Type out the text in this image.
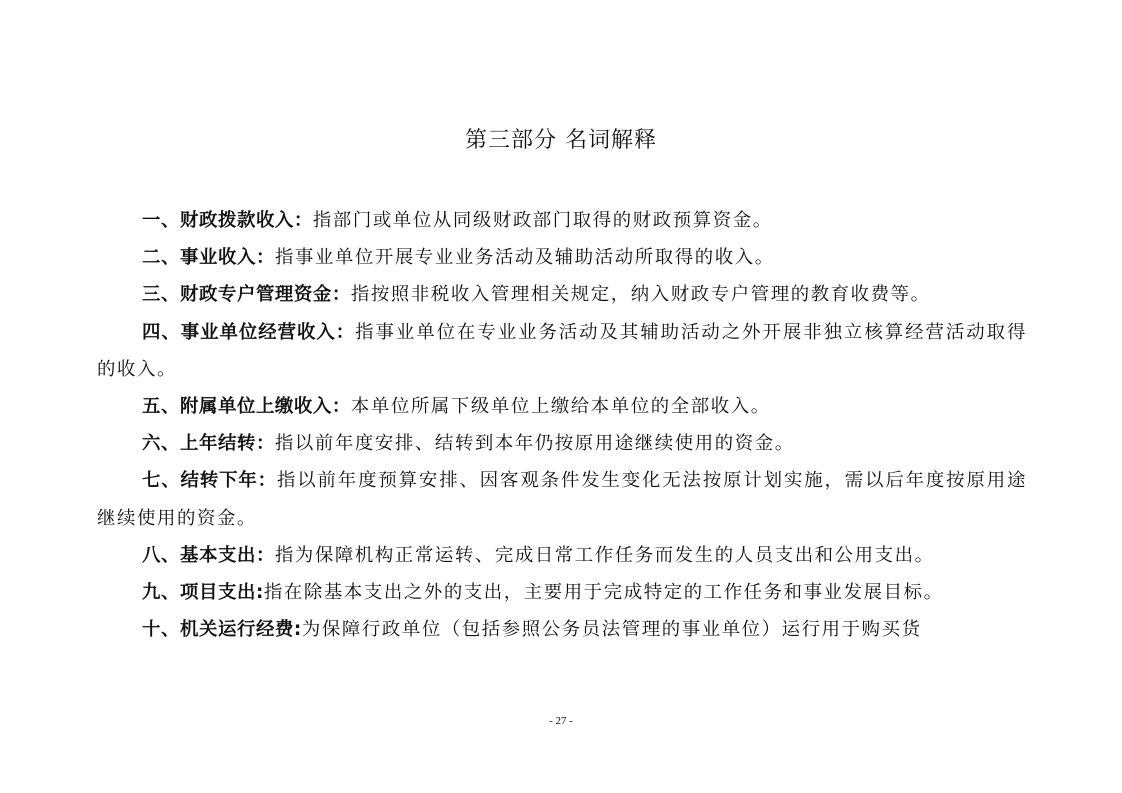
第三部分 名词解释

一、财政拨款收入：指部门或单位从同级财政部门取得的财政预算资金。

二、事业收入：指事业单位开展专业业务活动及辅助活动所取得的收入。

三、财政专户管理资金：指按照非税收入管理相关规定，纳入财政专户管理的教育收费等。

四、事业单位经营收入：指事业单位在专业业务活动及其辅助活动之外开展非独立核算经营活动取得的收入。

五、附属单位上缴收入：本单位所属下级单位上缴给本单位的全部收入。

六、上年结转：指以前年度安排、结转到本年仍按原用途继续使用的资金。

七、结转下年：指以前年度预算安排、因客观条件发生变化无法按原计划实施，需以后年度按原用途继续使用的资金。

八、基本支出：指为保障机构正常运转、完成日常工作任务而发生的人员支出和公用支出。

九、项目支出:指在除基本支出之外的支出，主要用于完成特定的工作任务和事业发展目标。

十、机关运行经费:为保障行政单位（包括参照公务员法管理的事业单位）运行用于购买货

- 27 -
